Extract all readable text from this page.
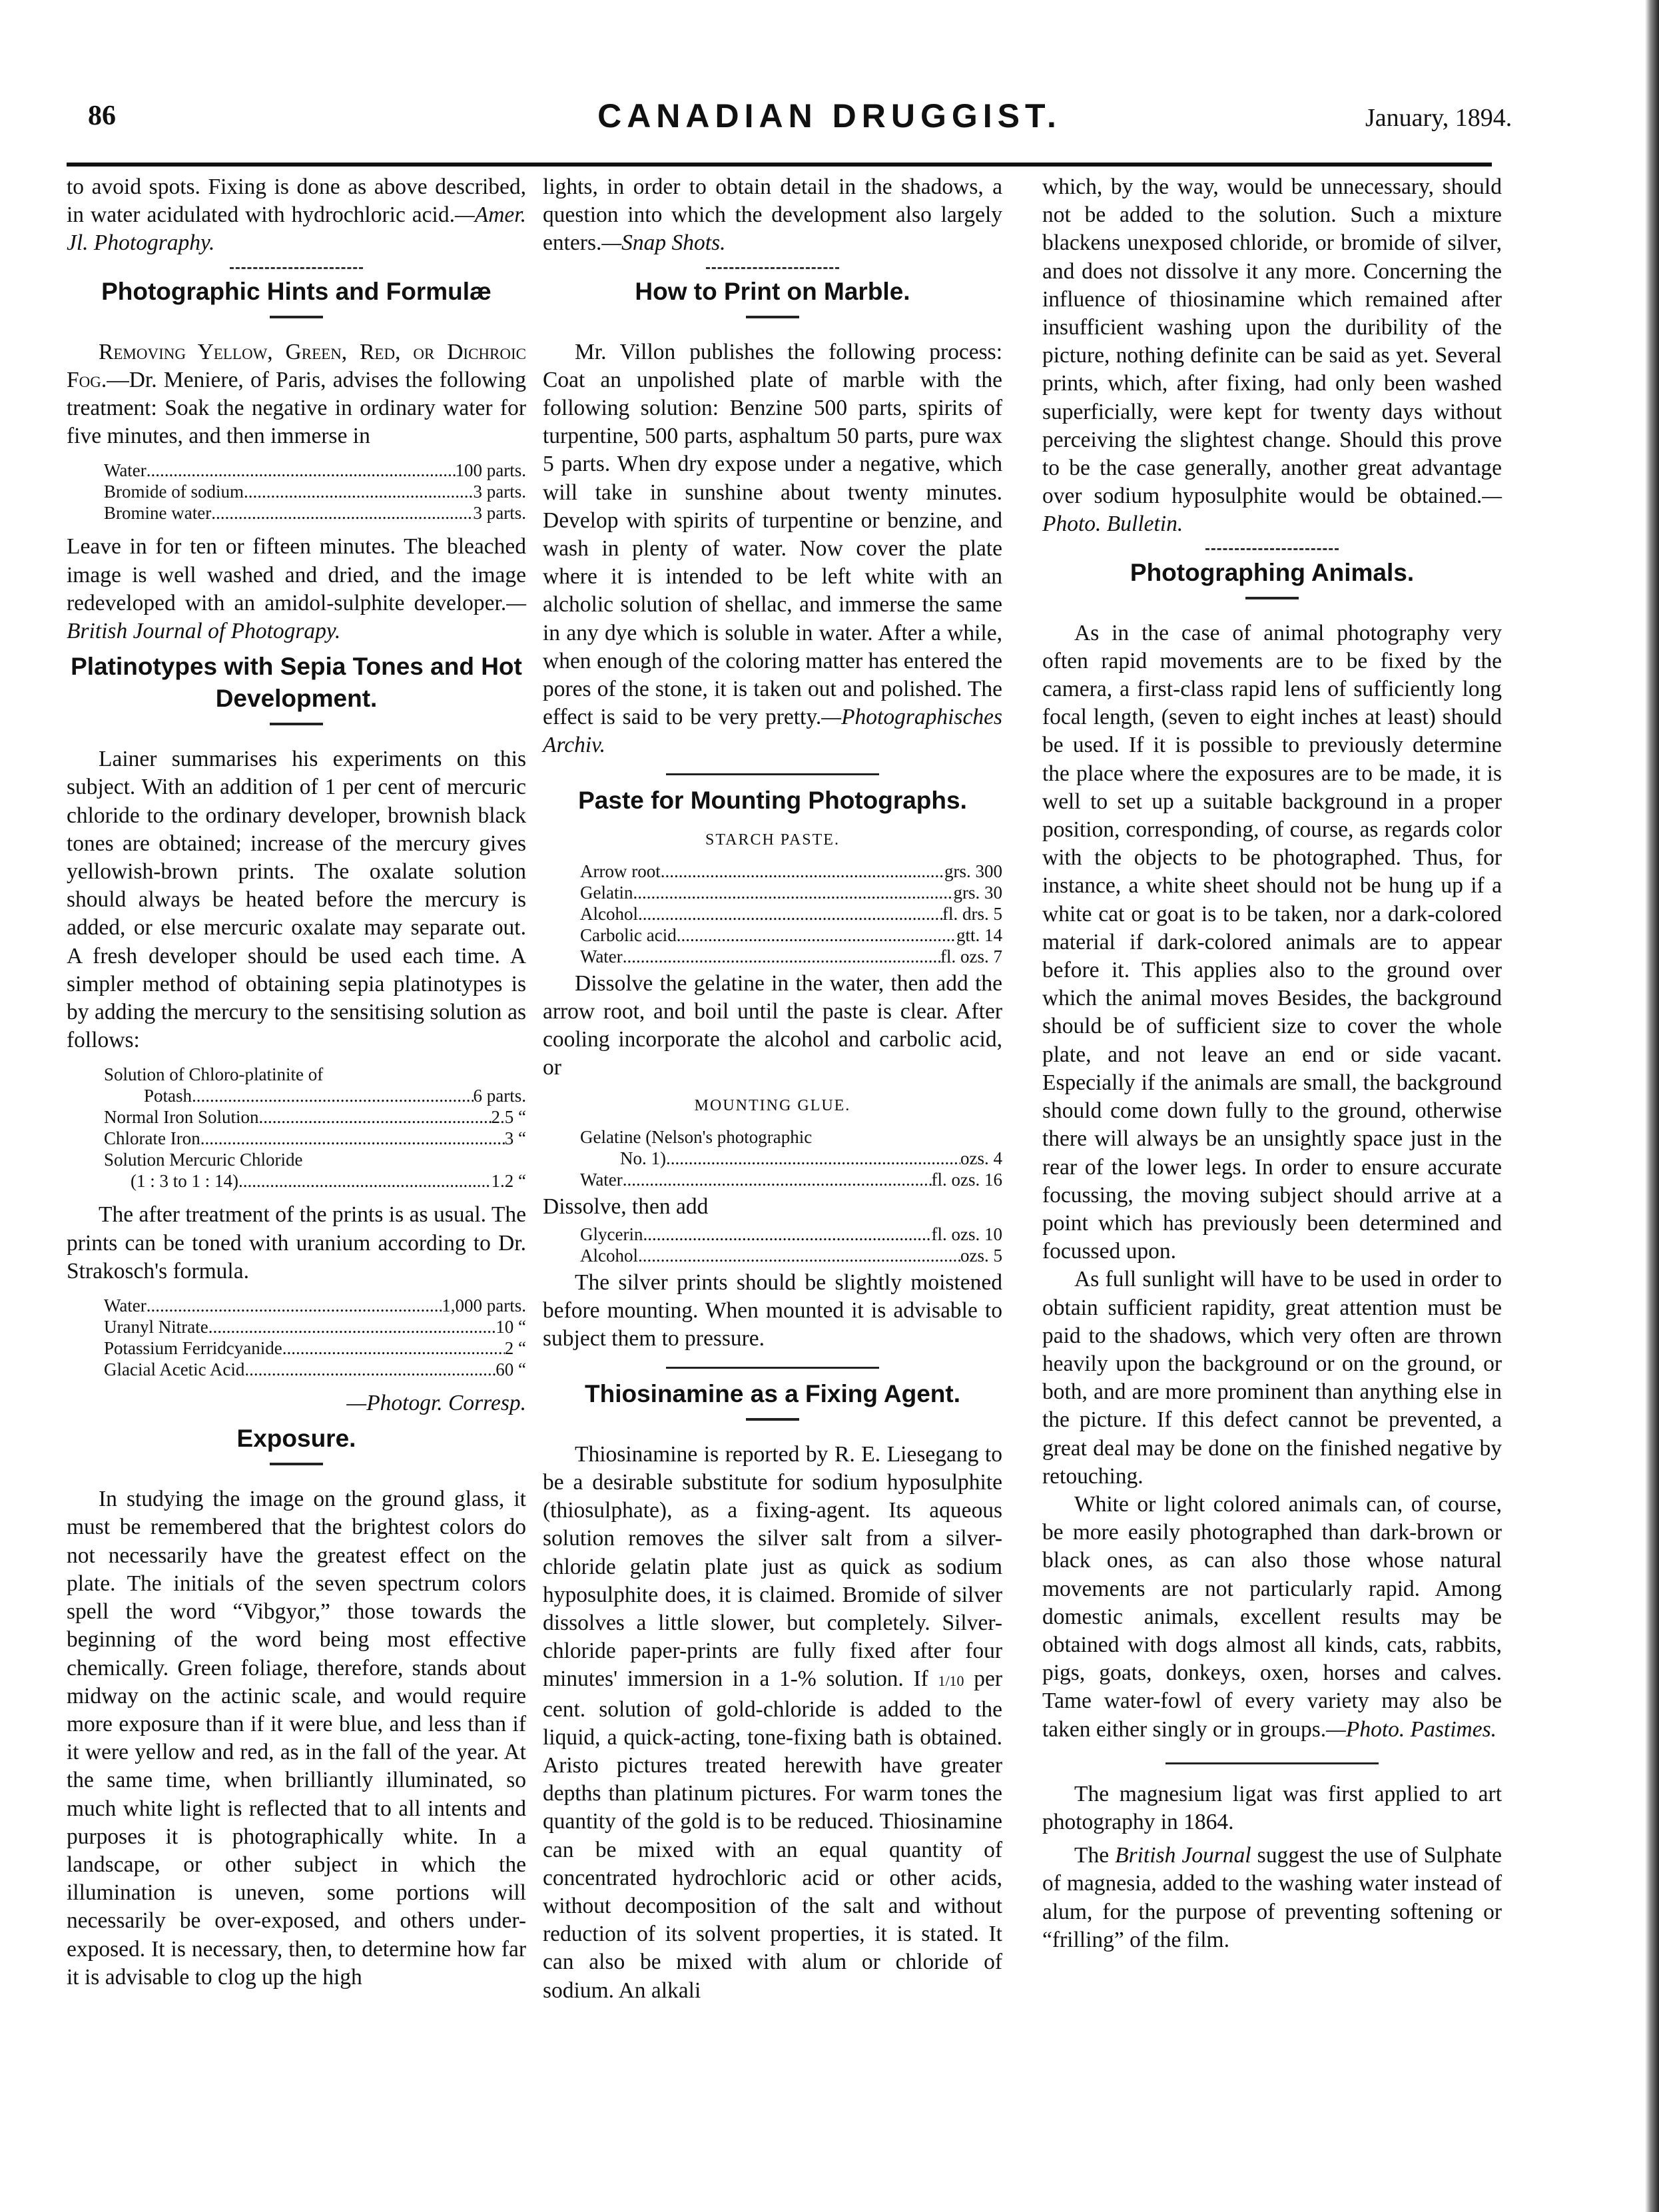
86	CANADIAN DRUGGIST.	January, 1894.

to avoid spots. Fixing is done as above described, in water acidulated with hydrochloric acid.—Amer. Jl. Photography.

Photographic Hints and Formulæ

Removing Yellow, Green, Red, or Dichroic Fog.—Dr. Meniere, of Paris, advises the following treatment: Soak the negative in ordinary water for five minutes, and then immerse in

Water .....	100 parts.
Bromide of sodium .....	3 parts.
Bromine water .....	3 parts.

Leave in for ten or fifteen minutes. The bleached image is well washed and dried, and the image redeveloped with an amidol-sulphite developer.—British Journal of Photograpy.

Platinotypes with Sepia Tones and Hot Development.

Lainer summarises his experiments on this subject. With an addition of 1 per cent of mercuric chloride to the ordinary developer, brownish black tones are obtained; increase of the mercury gives yellowish-brown prints. The oxalate solution should always be heated before the mercury is added, or else mercuric oxalate may separate out. A fresh developer should be used each time. A simpler method of obtaining sepia platinotypes is by adding the mercury to the sensitising solution as follows:

Solution of Chloro-platinite of
Potash .....	6 parts.
Normal Iron Solution .....	2.5 “
Chlorate Iron .....	3 “
Solution Mercuric Chloride
(1 : 3 to 1 : 14) .....	1.2 “

The after treatment of the prints is as usual. The prints can be toned with uranium according to Dr. Strakosch's formula.

Water .....	1,000 parts.
Uranyl Nitrate .....	10 “
Potassium Ferridcyanide .....	2 “
Glacial Acetic Acid .....	60 “

—Photogr. Corresp.

Exposure.

In studying the image on the ground glass, it must be remembered that the brightest colors do not necessarily have the greatest effect on the plate. The initials of the seven spectrum colors spell the word “Vibgyor,” those towards the beginning of the word being most effective chemically. Green foliage, therefore, stands about midway on the actinic scale, and would require more exposure than if it were blue, and less than if it were yellow and red, as in the fall of the year. At the same time, when brilliantly illuminated, so much white light is reflected that to all intents and purposes it is photographically white. In a landscape, or other subject in which the illumination is uneven, some portions will necessarily be over-exposed, and others under-exposed. It is necessary, then, to determine how far it is advisable to clog up the high

lights, in order to obtain detail in the shadows, a question into which the development also largely enters.—Snap Shots.

How to Print on Marble.

Mr. Villon publishes the following process: Coat an unpolished plate of marble with the following solution: Benzine 500 parts, spirits of turpentine, 500 parts, asphaltum 50 parts, pure wax 5 parts. When dry expose under a negative, which will take in sunshine about twenty minutes. Develop with spirits of turpentine or benzine, and wash in plenty of water. Now cover the plate where it is intended to be left white with an alcholic solution of shellac, and immerse the same in any dye which is soluble in water. After a while, when enough of the coloring matter has entered the pores of the stone, it is taken out and polished. The effect is said to be very pretty.—Photographisches Archiv.

Paste for Mounting Photographs.
STARCH PASTE.
Arrow root .....	grs. 300
Gelatin .....	grs. 30
Alcohol .....	fl. drs. 5
Carbolic acid .....	gtt. 14
Water .....	fl. ozs. 7

Dissolve the gelatine in the water, then add the arrow root, and boil until the paste is clear. After cooling incorporate the alcohol and carbolic acid, or

MOUNTING GLUE.
Gelatine (Nelson's photographic
No. 1) .....	ozs. 4
Water .....	fl. ozs. 16

Dissolve, then add

Glycerin .....	fl. ozs. 10
Alcohol .....	ozs. 5

The silver prints should be slightly moistened before mounting. When mounted it is advisable to subject them to pressure.

Thiosinamine as a Fixing Agent.

Thiosinamine is reported by R. E. Liesegang to be a desirable substitute for sodium hyposulphite (thiosulphate), as a fixing-agent. Its aqueous solution removes the silver salt from a silver-chloride gelatin plate just as quick as sodium hyposulphite does, it is claimed. Bromide of silver dissolves a little slower, but completely. Silver-chloride paper-prints are fully fixed after four minutes' immersion in a 1-% solution. If 1/10 per cent. solution of gold-chloride is added to the liquid, a quick-acting, tone-fixing bath is obtained. Aristo pictures treated herewith have greater depths than platinum pictures. For warm tones the quantity of the gold is to be reduced. Thiosinamine can be mixed with an equal quantity of concentrated hydrochloric acid or other acids, without decomposition of the salt and without reduction of its solvent properties, it is stated. It can also be mixed with alum or chloride of sodium. An alkali

which, by the way, would be unnecessary, should not be added to the solution. Such a mixture blackens unexposed chloride, or bromide of silver, and does not dissolve it any more. Concerning the influence of thiosinamine which remained after insufficient washing upon the duribility of the picture, nothing definite can be said as yet. Several prints, which, after fixing, had only been washed superficially, were kept for twenty days without perceiving the slightest change. Should this prove to be the case generally, another great advantage over sodium hyposulphite would be obtained.—Photo. Bulletin.

Photographing Animals.

As in the case of animal photography very often rapid movements are to be fixed by the camera, a first-class rapid lens of sufficiently long focal length, (seven to eight inches at least) should be used. If it is possible to previously determine the place where the exposures are to be made, it is well to set up a suitable background in a proper position, corresponding, of course, as regards color with the objects to be photographed. Thus, for instance, a white sheet should not be hung up if a white cat or goat is to be taken, nor a dark-colored material if dark-colored animals are to appear before it. This applies also to the ground over which the animal moves Besides, the background should be of sufficient size to cover the whole plate, and not leave an end or side vacant. Especially if the animals are small, the background should come down fully to the ground, otherwise there will always be an unsightly space just in the rear of the lower legs. In order to ensure accurate focussing, the moving subject should arrive at a point which has previously been determined and focussed upon.

As full sunlight will have to be used in order to obtain sufficient rapidity, great attention must be paid to the shadows, which very often are thrown heavily upon the background or on the ground, or both, and are more prominent than anything else in the picture. If this defect cannot be prevented, a great deal may be done on the finished negative by retouching.

White or light colored animals can, of course, be more easily photographed than dark-brown or black ones, as can also those whose natural movements are not particularly rapid. Among domestic animals, excellent results may be obtained with dogs almost all kinds, cats, rabbits, pigs, goats, donkeys, oxen, horses and calves. Tame water-fowl of every variety may also be taken either singly or in groups.—Photo. Pastimes.

The magnesium ligat was first applied to art photography in 1864.

The British Journal suggest the use of Sulphate of magnesia, added to the washing water instead of alum, for the purpose of preventing softening or “frilling” of the film.
